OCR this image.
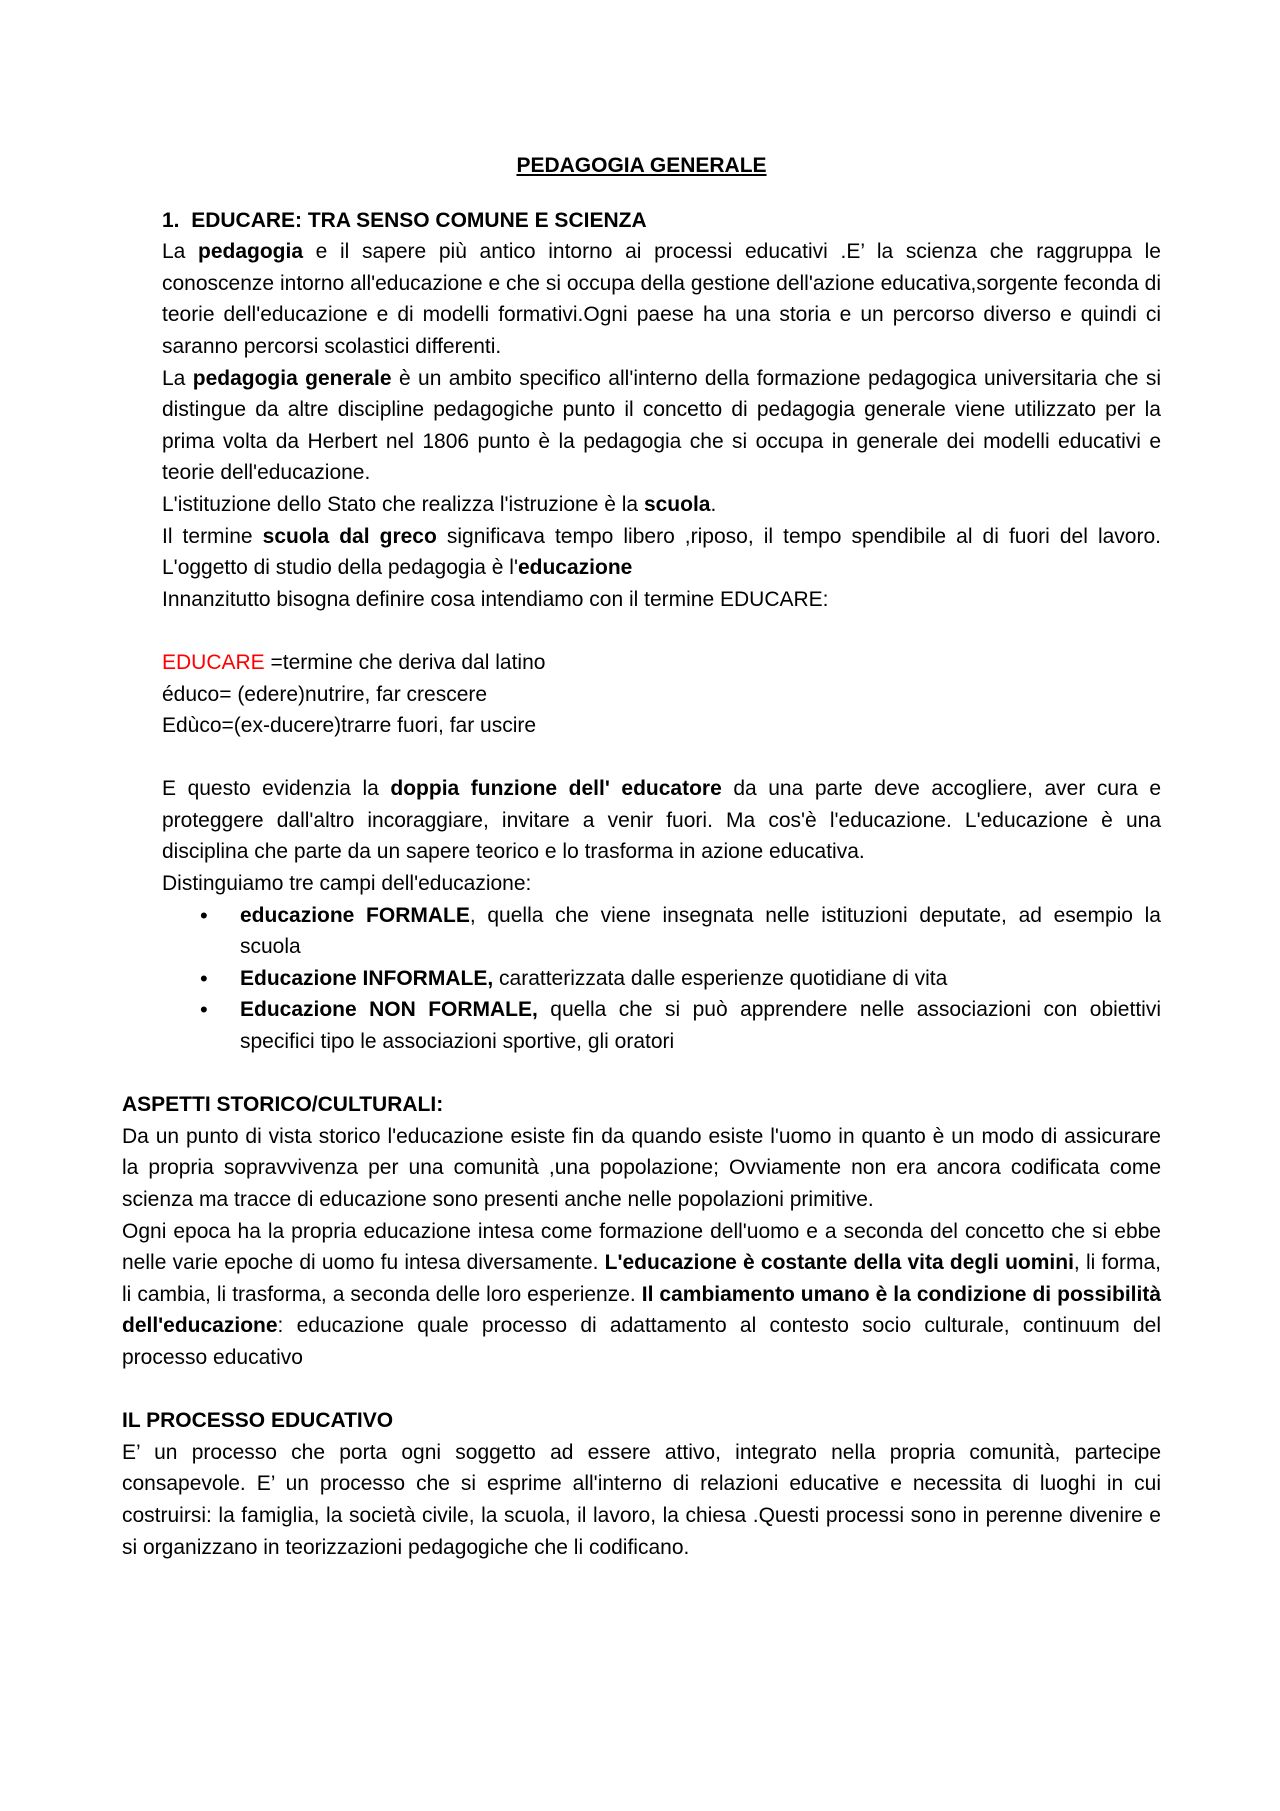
PEDAGOGIA GENERALE

1. EDUCARE: TRA SENSO COMUNE E SCIENZA

La pedagogia e il sapere più antico intorno ai processi educativi .E’ la scienza che raggruppa le conoscenze intorno all'educazione e che si occupa della gestione dell'azione educativa,sorgente feconda di teorie dell'educazione e di modelli formativi.Ogni paese ha una storia e un percorso diverso e quindi ci saranno percorsi scolastici differenti.

La pedagogia generale è un ambito specifico all'interno della formazione pedagogica universitaria che si distingue da altre discipline pedagogiche punto il concetto di pedagogia generale viene utilizzato per la prima volta da Herbert nel 1806 punto è la pedagogia che si occupa in generale dei modelli educativi e teorie dell'educazione.

L'istituzione dello Stato che realizza l'istruzione è la scuola.

Il termine scuola dal greco significava tempo libero ,riposo, il tempo spendibile al di fuori del lavoro. L'oggetto di studio della pedagogia è l'educazione

Innanzitutto bisogna definire cosa intendiamo con il termine EDUCARE:

EDUCARE =termine che deriva dal latino

éduco= (edere)nutrire, far crescere

Edùco=(ex-ducere)trarre fuori, far uscire

E questo evidenzia la doppia funzione dell' educatore da una parte deve accogliere, aver cura e proteggere dall'altro incoraggiare, invitare a venir fuori. Ma cos'è l'educazione. L'educazione è una disciplina che parte da un sapere teorico e lo trasforma in azione educativa.

Distinguiamo tre campi dell'educazione:

• educazione FORMALE, quella che viene insegnata nelle istituzioni deputate, ad esempio la scuola
• Educazione INFORMALE, caratterizzata dalle esperienze quotidiane di vita
• Educazione NON FORMALE, quella che si può apprendere nelle associazioni con obiettivi specifici tipo le associazioni sportive, gli oratori

ASPETTI STORICO/CULTURALI:

Da un punto di vista storico l'educazione esiste fin da quando esiste l'uomo in quanto è un modo di assicurare la propria sopravvivenza per una comunità ,una popolazione; Ovviamente non era ancora codificata come scienza ma tracce di educazione sono presenti anche nelle popolazioni primitive.

Ogni epoca ha la propria educazione intesa come formazione dell'uomo e a seconda del concetto che si ebbe nelle varie epoche di uomo fu intesa diversamente. L'educazione è costante della vita degli uomini, li forma, li cambia, li trasforma, a seconda delle loro esperienze. Il cambiamento umano è la condizione di possibilità dell'educazione: educazione quale processo di adattamento al contesto socio culturale, continuum del processo educativo

IL PROCESSO EDUCATIVO

E’ un processo che porta ogni soggetto ad essere attivo, integrato nella propria comunità, partecipe consapevole. E’ un processo che si esprime all'interno di relazioni educative e necessita di luoghi in cui costruirsi: la famiglia, la società civile, la scuola, il lavoro, la chiesa .Questi processi sono in perenne divenire e si organizzano in teorizzazioni pedagogiche che li codificano.
